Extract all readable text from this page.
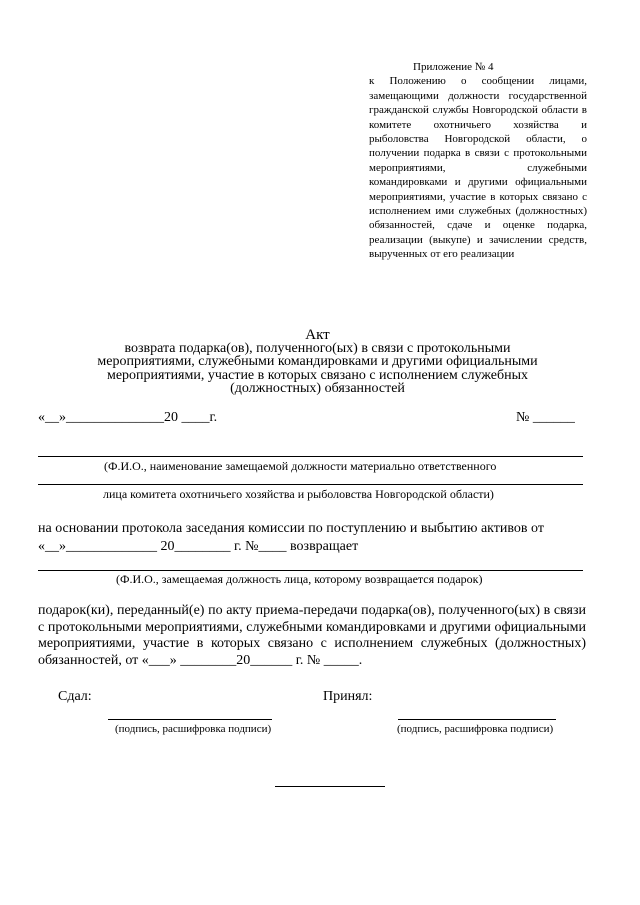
Приложение № 4
к Положению о сообщении лицами, замещающими должности государственной гражданской службы Новгородской области в комитете охотничьего хозяйства и рыболовства Новгородской области, о получении подарка в связи с протокольными мероприятиями, служебными командировками и другими официальными мероприятиями, участие в которых связано с исполнением ими служебных (должностных) обязанностей, сдаче и оценке подарка, реализации (выкупе) и зачислении средств, вырученных от его реализации
Акт
возврата подарка(ов), полученного(ых) в связи с протокольными
мероприятиями, служебными командировками и другими официальными
мероприятиями, участие в которых связано с исполнением служебных
(должностных) обязанностей
«__»______________20 ____г.	№ ______
(Ф.И.О., наименование замещаемой должности материально ответственного
лица комитета охотничьего хозяйства и рыболовства Новгородской области)
на основании протокола заседания комиссии по поступлению и выбытию активов от
«__»_____________ 20________ г. №____ возвращает
(Ф.И.О., замещаемая должность лица, которому возвращается подарок)
подарок(ки), переданный(е) по акту приема-передачи подарка(ов), полученного(ых) в связи с протокольными мероприятиями, служебными командировками и другими официальными мероприятиями, участие в которых связано с исполнением служебных (должностных) обязанностей, от «___» ________20______ г. № _____.
Сдал:	Принял:
(подпись, расшифровка подписи)	(подпись, расшифровка подписи)
